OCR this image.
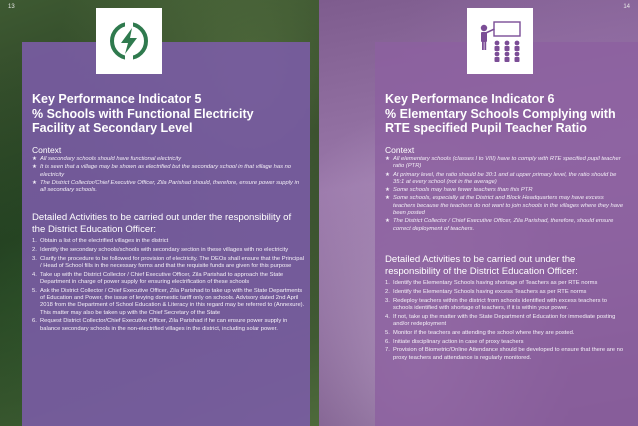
13
Key Performance Indicator 5
% Schools with Functional Electricity Facility at Secondary Level
Context
★ All secondary schools should have functional electricity
★ It is seen that a village may be shown as electrified but the secondary school in that village has no electricity
★ The District Collector/Chief Executive Officer, Zila Parishad should, therefore, ensure power supply in all secondary schools.
Detailed Activities to be carried out under the responsibility of the District Education Officer:
1. Obtain a list of the electrified villages in the district
2. Identify the secondary schools/schools with secondary section in these villages with no electricity
3. Clarify the procedure to be followed for provision of electricity. The DEOs shall ensure that the Principal / Head of School fills in the necessary forms and that the requisite funds are given for this purpose
4. Take up with the District Collector / Chief Executive Officer, Zila Parishad to approach the State Department in charge of power supply for ensuring electrification of these schools
5. Ask the District Collector / Chief Executive Officer, Zila Parishad to take up with the State Departments of Education and Power, the issue of levying domestic tariff only on schools. Advisory dated 2nd April 2018 from the Department of School Education & Literacy in this regard may be referred to (Annexure). This matter may also be taken up with the Chief Secretary of the State
6. Request District Collector/Chief Executive Officer, Zila Parishad if he can ensure power supply in balance secondary schools in the non-electrified villages in the district, including solar power.
14
Key Performance Indicator 6
% Elementary Schools Complying with RTE specified Pupil Teacher Ratio
Context
★ All elementary schools (classes I to VIII) have to comply with RTE specified pupil teacher ratio (PTR)
★ At primary level, the ratio should be 30:1 and at upper primary level, the ratio should be 35:1 at every school (not in the average)
★ Some schools may have fewer teachers than this PTR
★ Some schools, especially at the District and Block Headquarters may have excess teachers because the teachers do not want to join schools in the villages where they have been posted
★ The District Collector / Chief Executive Officer, Zila Parishad, therefore, should ensure correct deployment of teachers.
Detailed Activities to be carried out under the responsibility of the District Education Officer:
1. Identify the Elementary Schools having shortage of Teachers as per RTE norms
2. Identify the Elementary Schools having excess Teachers as per RTE norms
3. Redeploy teachers within the district from schools identified with excess teachers to schools identified with shortage of teachers, if it is within your power.
4. If not, take up the matter with the State Department of Education for immediate posting and/or redeployment
5. Monitor if the teachers are attending the school where they are posted.
6. Initiate disciplinary action in case of proxy teachers
7. Provision of Biometric/Online Attendance should be developed to ensure that there are no proxy teachers and attendance is regularly monitored.
